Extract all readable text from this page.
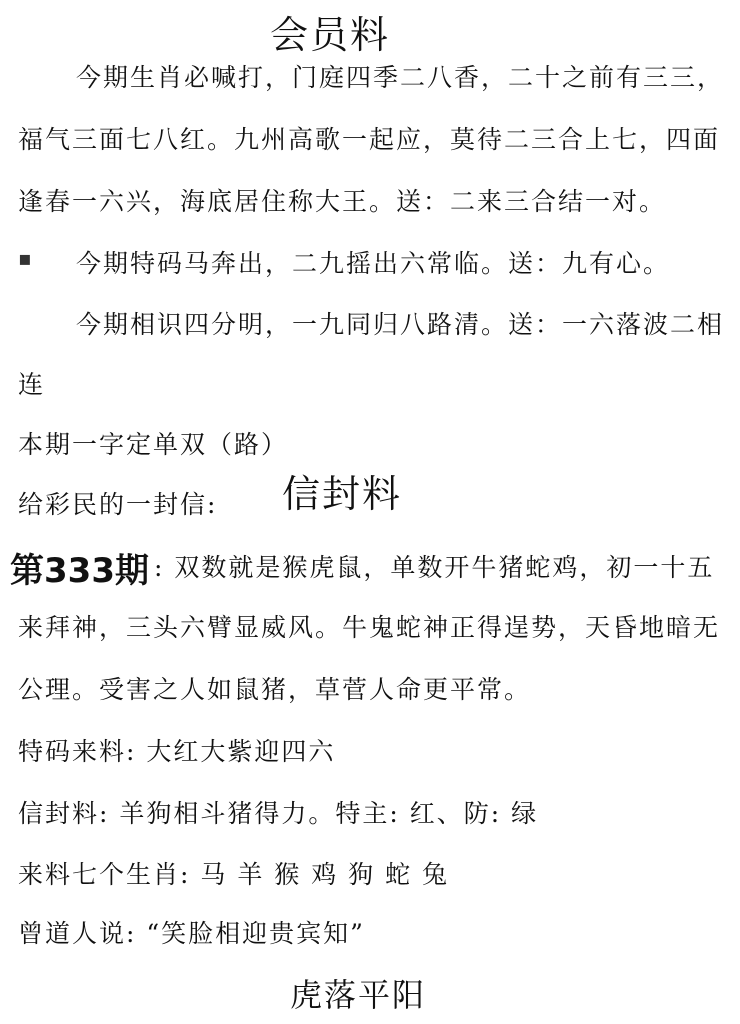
会员料
今期生肖必喊打，门庭四季二八香，二十之前有三三，
福气三面七八红。九州高歌一起应，莫待二三合上七，四面
逢春一六兴，海底居住称大王。送：二来三合结一对。
▪ 今期特码马奔出，二九摇出六常临。送：九有心。
今期相识四分明，一九同归八路清。送：一六落波二相
连
本期一字定单双（路）
给彩民的一封信: 信封料
第333期 : 双数就是猴虎鼠，单数开牛猪蛇鸡，初一十五
来拜神，三头六臂显威风。牛鬼蛇神正得逞势，天昏地暗无
公理。受害之人如鼠猪，草菅人命更平常。
特码来料: 大红大紫迎四六
信封料: 羊狗相斗猪得力。特主: 红、防: 绿
来料七个生肖: 马 羊 猴 鸡 狗 蛇 兔
曾道人说: “笑脸相迎贵宾知”
虎落平阳
